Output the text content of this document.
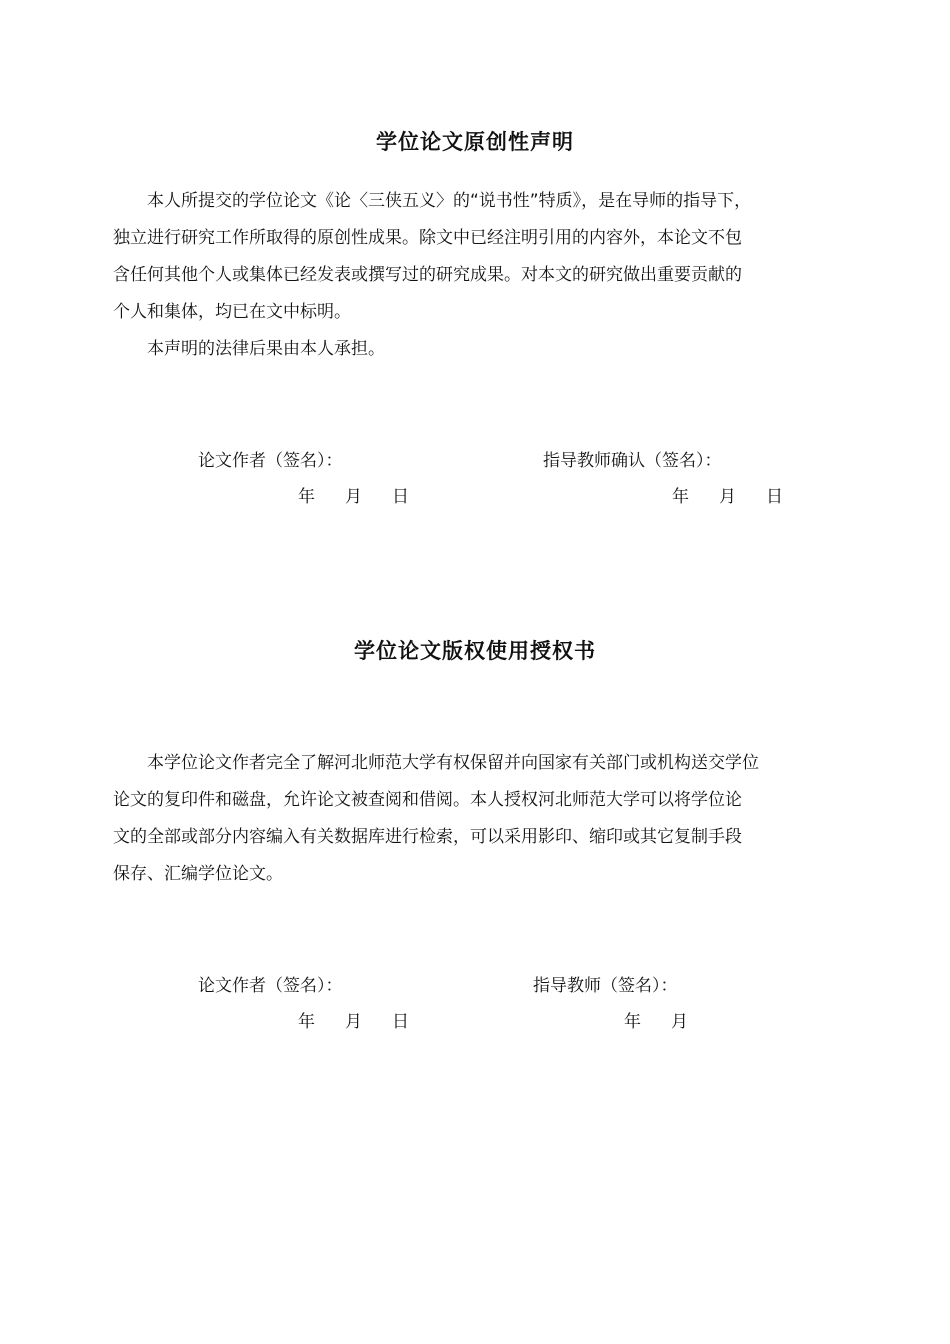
学位论文原创性声明
本人所提交的学位论文《论〈三侠五义〉的“说书性”特质》，是在导师的指导下，
独立进行研究工作所取得的原创性成果。除文中已经注明引用的内容外，本论文不包
含任何其他个人或集体已经发表或撰写过的研究成果。对本文的研究做出重要贡献的
个人和集体，均已在文中标明。
本声明的法律后果由本人承担。
论文作者（签名）：	指导教师确认（签名）：
年 月 日	年 月 日
学位论文版权使用授权书
本学位论文作者完全了解河北师范大学有权保留并向国家有关部门或机构送交学位
论文的复印件和磁盘，允许论文被查阅和借阅。本人授权河北师范大学可以将学位论
文的全部或部分内容编入有关数据库进行检索，可以采用影印、缩印或其它复制手段
保存、汇编学位论文。
论文作者（签名）：	指导教师（签名）：
年 月 日	年 月
